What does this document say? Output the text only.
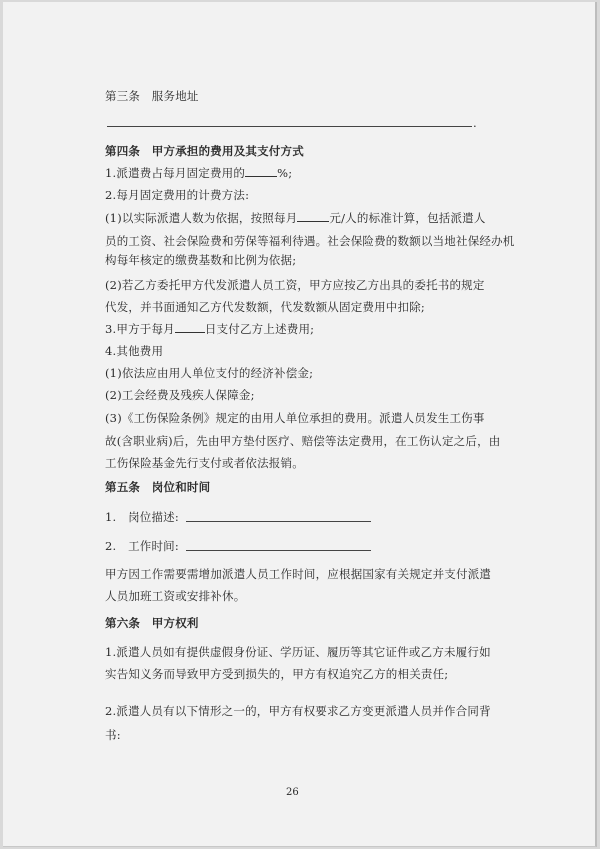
第三条　服务地址
.
第四条　甲方承担的费用及其支付方式
1.派遣费占每月固定费用的	%;
2.每月固定费用的计费方法:
(1)以实际派遣人数为依据，按照每月	元/人的标准计算，包括派遣人
员的工资、社会保险费和劳保等福利待遇。社会保险费的数额以当地社保经办机
构每年核定的缴费基数和比例为依据;
(2)若乙方委托甲方代发派遣人员工资，甲方应按乙方出具的委托书的规定
代发，并书面通知乙方代发数额，代发数额从固定费用中扣除;
3.甲方于每月	日支付乙方上述费用;
4.其他费用
(1)依法应由用人单位支付的经济补偿金;
(2)工会经费及残疾人保障金;
(3)《工伤保险条例》规定的由用人单位承担的费用。派遣人员发生工伤事
故(含职业病)后，先由甲方垫付医疗、赔偿等法定费用，在工伤认定之后，由
工伤保险基金先行支付或者依法报销。
第五条　岗位和时间
1.　岗位描述:
2.　工作时间:
甲方因工作需要需增加派遣人员工作时间，应根据国家有关规定并支付派遣
人员加班工资或安排补休。
第六条　甲方权利
1.派遣人员如有提供虚假身份证、学历证、履历等其它证件或乙方未履行如
实告知义务而导致甲方受到损失的，甲方有权追究乙方的相关责任;
2.派遣人员有以下情形之一的，甲方有权要求乙方变更派遣人员并作合同背
书:
26
